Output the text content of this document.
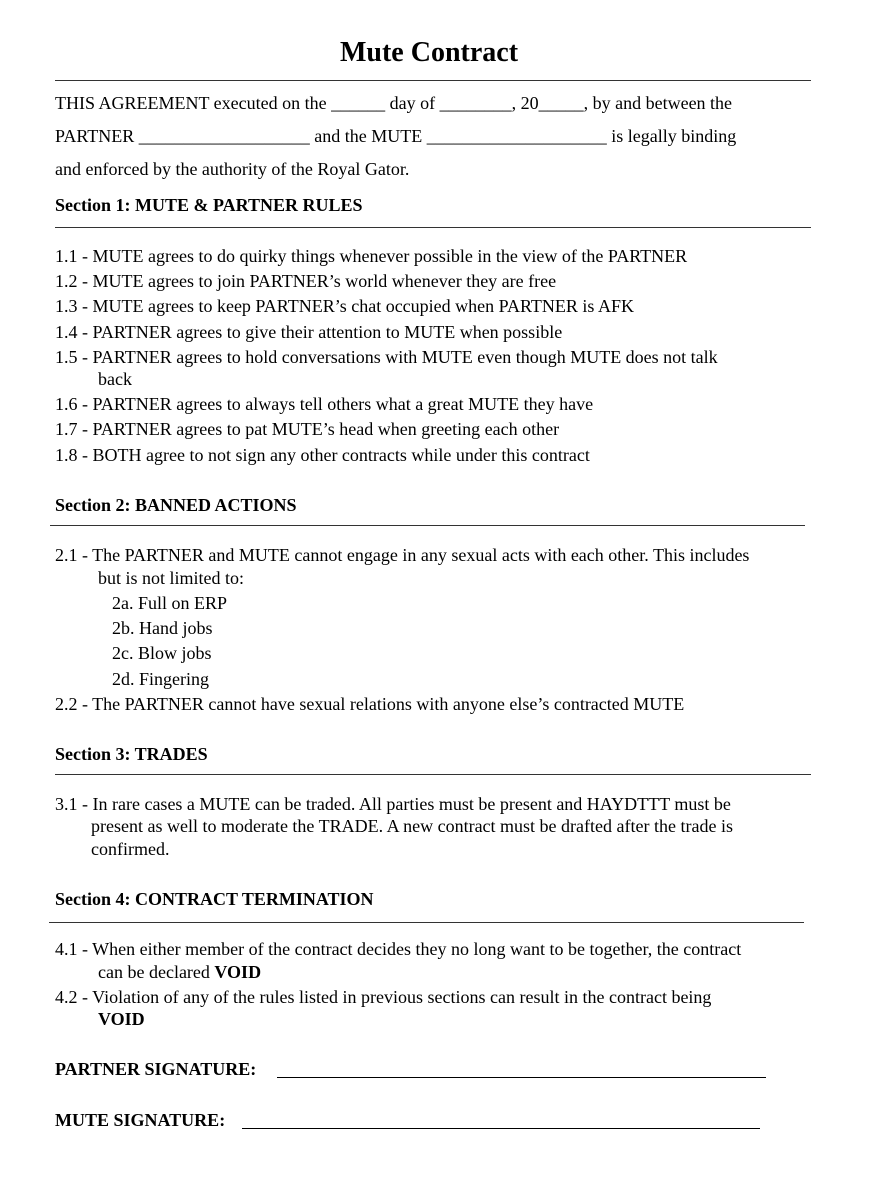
Mute Contract
THIS AGREEMENT executed on the ______ day of ________, 20_____, by and between the
PARTNER ___________________ and the MUTE ____________________ is legally binding
and enforced by the authority of the Royal Gator.
Section 1: MUTE & PARTNER RULES
1.1 - MUTE agrees to do quirky things whenever possible in the view of the PARTNER
1.2 - MUTE agrees to join PARTNER’s world whenever they are free
1.3 - MUTE agrees to keep PARTNER’s chat occupied when PARTNER is AFK
1.4 - PARTNER agrees to give their attention to MUTE when possible
1.5 - PARTNER agrees to hold conversations with MUTE even though MUTE does not talk
back
1.6 - PARTNER agrees to always tell others what a great MUTE they have
1.7 - PARTNER agrees to pat MUTE’s head when greeting each other
1.8 - BOTH agree to not sign any other contracts while under this contract
Section 2: BANNED ACTIONS
2.1 - The PARTNER and MUTE cannot engage in any sexual acts with each other. This includes
but is not limited to:
2a. Full on ERP
2b. Hand jobs
2c. Blow jobs
2d. Fingering
2.2 - The PARTNER cannot have sexual relations with anyone else’s contracted MUTE
Section 3: TRADES
3.1 - In rare cases a MUTE can be traded. All parties must be present and HAYDTTT must be
present as well to moderate the TRADE. A new contract must be drafted after the trade is
confirmed.
Section 4: CONTRACT TERMINATION
4.1 - When either member of the contract decides they no long want to be together, the contract
can be declared VOID
4.2 - Violation of any of the rules listed in previous sections can result in the contract being
VOID
PARTNER SIGNATURE:
MUTE SIGNATURE:
